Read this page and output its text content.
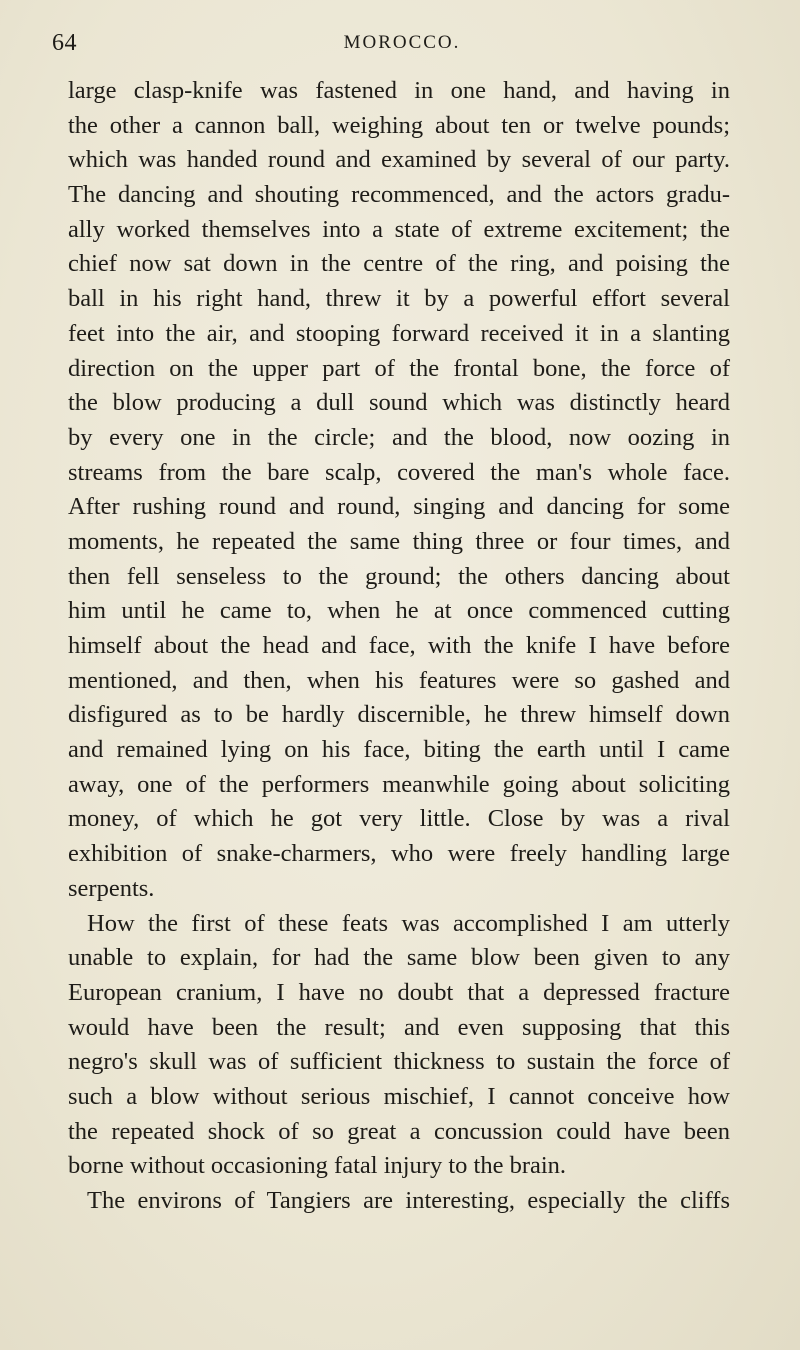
64	MOROCCO.
large clasp-knife was fastened in one hand, and having in
the other a cannon ball, weighing about ten or twelve pounds;
which was handed round and examined by several of our party.
The dancing and shouting recommenced, and the actors gradu-
ally worked themselves into a state of extreme excitement; the
chief now sat down in the centre of the ring, and poising the
ball in his right hand, threw it by a powerful effort several
feet into the air, and stooping forward received it in a slanting
direction on the upper part of the frontal bone, the force of
the blow producing a dull sound which was distinctly heard
by every one in the circle; and the blood, now oozing in
streams from the bare scalp, covered the man's whole face.
After rushing round and round, singing and dancing for some
moments, he repeated the same thing three or four times, and
then fell senseless to the ground; the others dancing about
him until he came to, when he at once commenced cutting
himself about the head and face, with the knife I have before
mentioned, and then, when his features were so gashed and
disfigured as to be hardly discernible, he threw himself down
and remained lying on his face, biting the earth until I came
away, one of the performers meanwhile going about soliciting
money, of which he got very little. Close by was a rival
exhibition of snake-charmers, who were freely handling large
serpents.
How the first of these feats was accomplished I am utterly
unable to explain, for had the same blow been given to any
European cranium, I have no doubt that a depressed fracture
would have been the result; and even supposing that this
negro's skull was of sufficient thickness to sustain the force of
such a blow without serious mischief, I cannot conceive how
the repeated shock of so great a concussion could have been
borne without occasioning fatal injury to the brain.
The environs of Tangiers are interesting, especially the cliffs
